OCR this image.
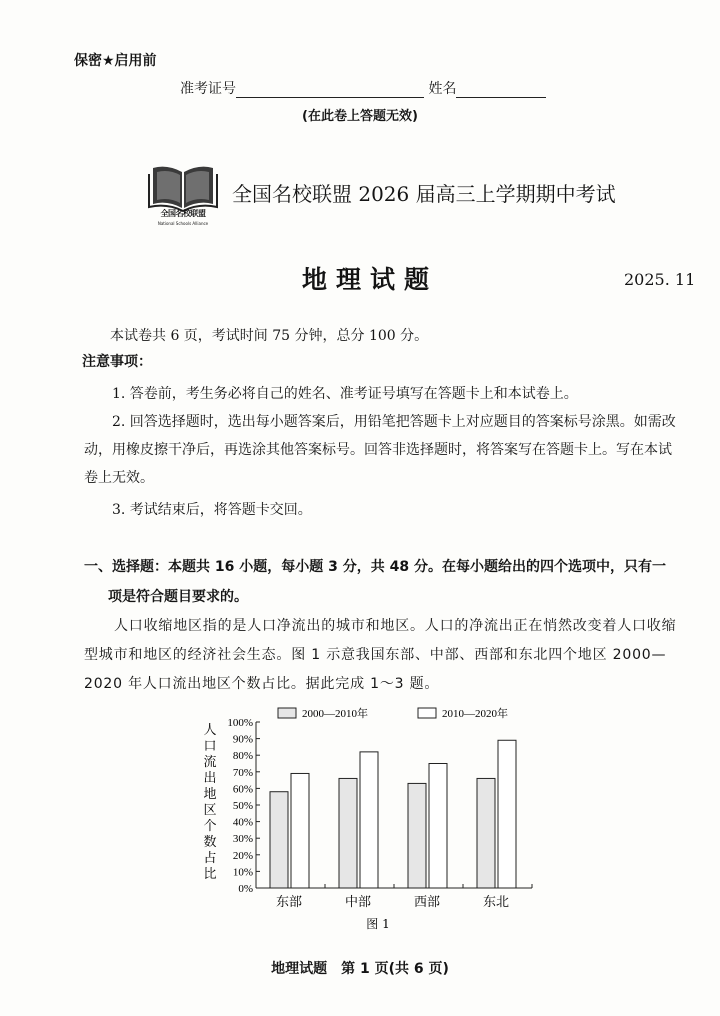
保密★启用前
准考证号	姓名
(在此卷上答题无效)
全国名校联盟
National Schools Alliance
全国名校联盟 2026 届高三上学期期中考试
地理试题	2025. 11
本试卷共 6 页，考试时间 75 分钟，总分 100 分。
注意事项：
1. 答卷前，考生务必将自己的姓名、准考证号填写在答题卡上和本试卷上。
2. 回答选择题时，选出每小题答案后，用铅笔把答题卡上对应题目的答案标号涂黑。如需改动，用橡皮擦干净后，再选涂其他答案标号。回答非选择题时，将答案写在答题卡上。写在本试卷上无效。
3. 考试结束后，将答题卡交回。
一、选择题：本题共 16 小题，每小题 3 分，共 48 分。在每小题给出的四个选项中，只有一
项是符合题目要求的。
人口收缩地区指的是人口净流出的城市和地区。人口的净流出正在悄然改变着人口收缩型城市和地区的经济社会生态。图 1 示意我国东部、中部、西部和东北四个地区 2000—2020 年人口流出地区个数占比。据此完成 1～3 题。
0%
10%
20%
30%
40%
50%
60%
70%
80%
90%
100%
人
口
流
出
地
区
个
数
占
比
东部	中部	西部	东北
2000—2010年	2010—2020年
图 1
地理试题　第 1 页(共 6 页)
